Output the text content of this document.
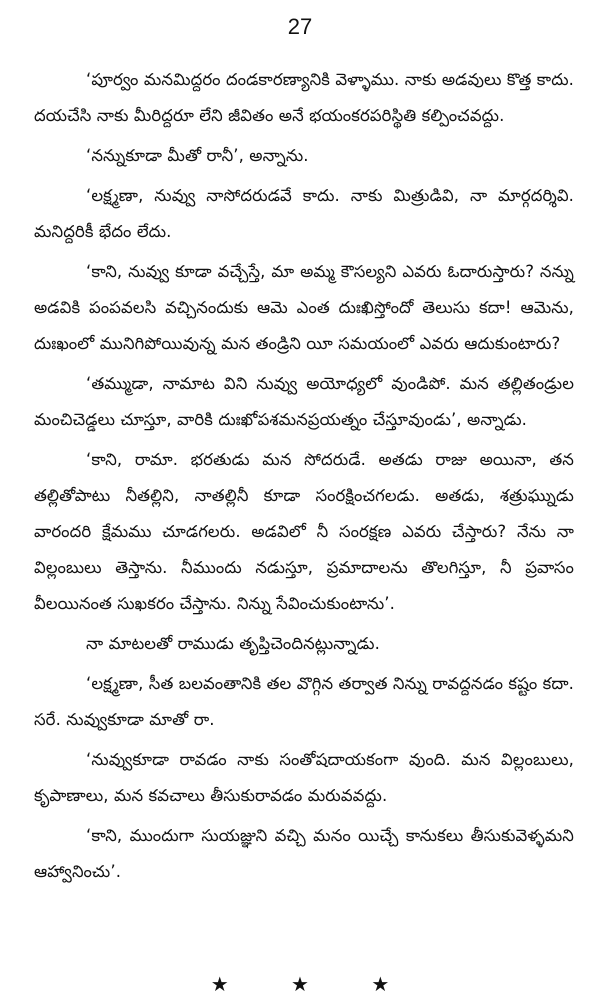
27

‘పూర్వం మనమిద్దరం దండకారణ్యానికి వెళ్ళాము. నాకు అడవులు కొత్త కాదు. దయచేసి నాకు మీరిద్దరూ లేని జీవితం అనే భయంకరపరిస్థితి కల్పించవద్దు.

‘నన్నుకూడా మీతో రానీ’, అన్నాను.

‘లక్ష్మణా, నువ్వు నాసోదరుడవే కాదు. నాకు మిత్రుడివి, నా మార్గదర్శివి. మనిద్దరికీ భేదం లేదు.

‘కాని, నువ్వు కూడా వచ్చేస్తే, మా అమ్మ కౌసల్యని ఎవరు ఓదారుస్తారు? నన్ను అడవికి పంపవలసి వచ్చినందుకు ఆమె ఎంత దుఃఖిస్తోందో తెలుసు కదా! ఆమెను, దుఃఖంలో మునిగిపోయివున్న మన తండ్రిని యీ సమయంలో ఎవరు ఆదుకుంటారు?

‘తమ్ముడా, నామాట విని నువ్వు అయోధ్యలో వుండిపో. మన తల్లితండ్రుల మంచిచెడ్డలు చూస్తూ, వారికి దుఃఖోపశమనప్రయత్నం చేస్తూవుండు’, అన్నాడు.

‘కాని, రామా. భరతుడు మన సోదరుడే. అతడు రాజు అయినా, తన తల్లితోపాటు నీతల్లిని, నాతల్లినీ కూడా సంరక్షించగలడు. అతడు, శత్రుఘ్నుడు వారందరి క్షేమము చూడగలరు. అడవిలో నీ సంరక్షణ ఎవరు చేస్తారు? నేను నా విల్లంబులు తెస్తాను. నీముందు నడుస్తూ, ప్రమాదాలను తొలగిస్తూ, నీ ప్రవాసం వీలయినంత సుఖకరం చేస్తాను. నిన్ను సేవించుకుంటాను’.

నా మాటలతో రాముడు తృప్తిచెందినట్లున్నాడు.

‘లక్ష్మణా, సీత బలవంతానికి తల వొగ్గిన తర్వాత నిన్ను రావద్దనడం కష్టం కదా. సరే. నువ్వుకూడా మాతో రా.

‘నువ్వుకూడా రావడం నాకు సంతోషదాయకంగా వుంది. మన విల్లంబులు, కృపాణాలు, మన కవచాలు తీసుకురావడం మరువవద్దు.

‘కాని, ముందుగా సుయజ్ఞుని వచ్చి మనం యిచ్చే కానుకలు తీసుకువెళ్ళమని ఆహ్వానించు’.

★	★	★
